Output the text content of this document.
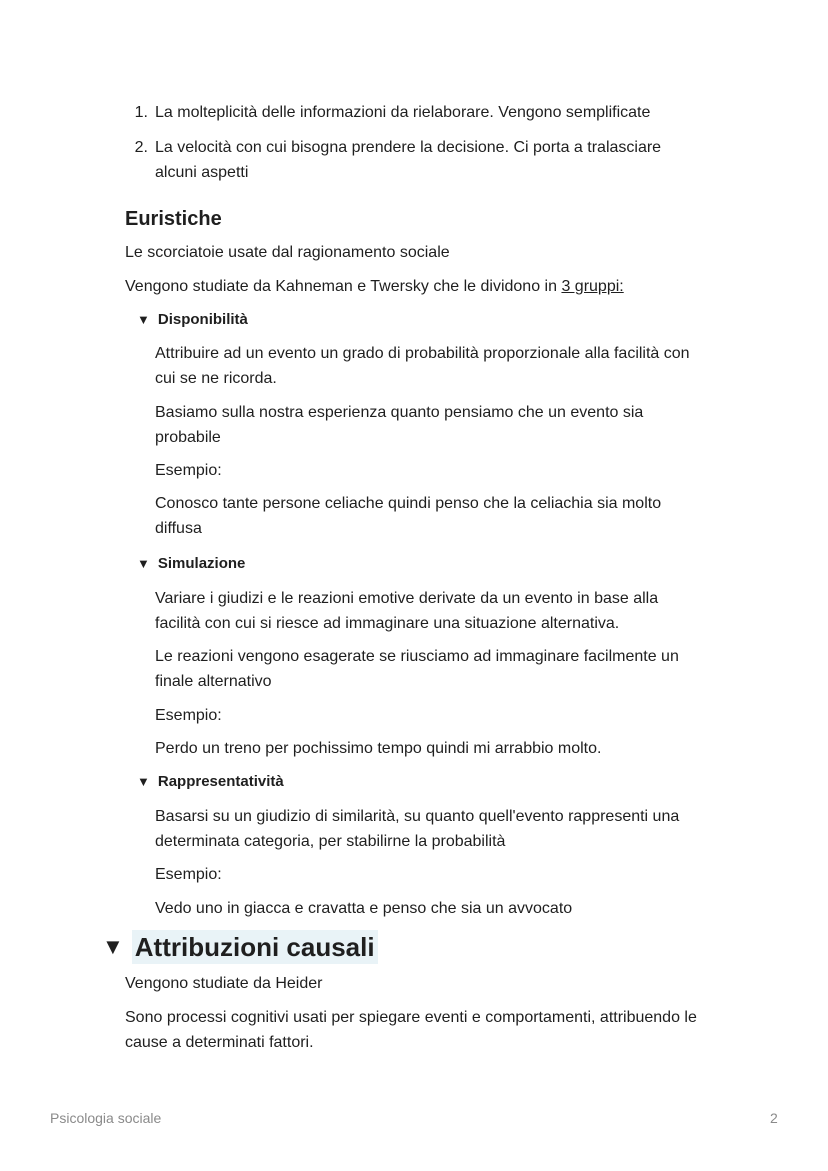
1. La molteplicità delle informazioni da rielaborare. Vengono semplificate

2. La velocità con cui bisogna prendere la decisione. Ci porta a tralasciare

alcuni aspetti

Euristiche

Le scorciatoie usate dal ragionamento sociale

Vengono studiate da Kahneman e Twersky che le dividono in 3 gruppi:

▼ Disponibilità

Attribuire ad un evento un grado di probabilità proporzionale alla facilità con

cui se ne ricorda.

Basiamo sulla nostra esperienza quanto pensiamo che un evento sia

probabile

Esempio:

Conosco tante persone celiache quindi penso che la celiachia sia molto

diffusa

▼ Simulazione

Variare i giudizi e le reazioni emotive derivate da un evento in base alla

facilità con cui si riesce ad immaginare una situazione alternativa.

Le reazioni vengono esagerate se riusciamo ad immaginare facilmente un

finale alternativo

Esempio:

Perdo un treno per pochissimo tempo quindi mi arrabbio molto.

▼ Rappresentatività

Basarsi su un giudizio di similarità, su quanto quell'evento rappresenti una

determinata categoria, per stabilirne la probabilità

Esempio:

Vedo uno in giacca e cravatta e penso che sia un avvocato

▼ Attribuzioni causali

Vengono studiate da Heider

Sono processi cognitivi usati per spiegare eventi e comportamenti, attribuendo le

cause a determinati fattori.

Psicologia sociale	2
